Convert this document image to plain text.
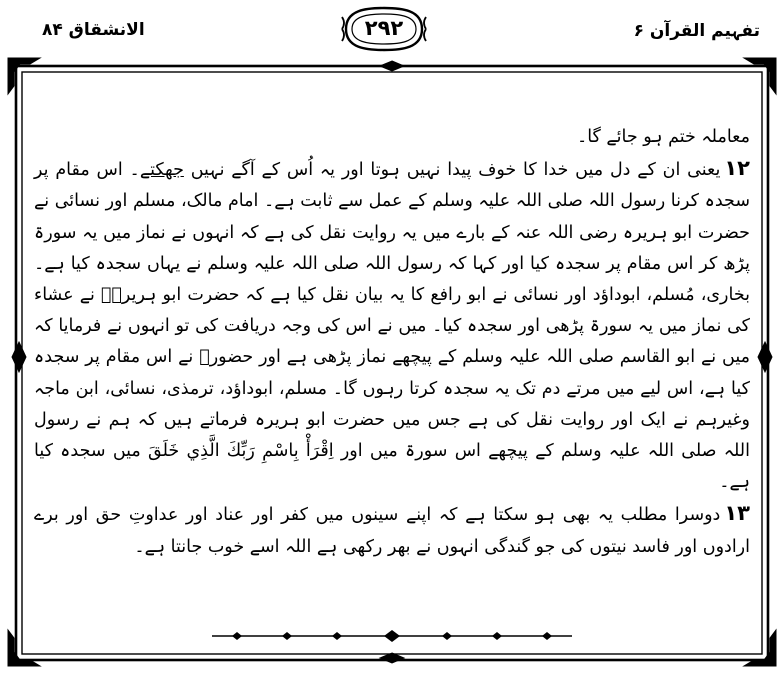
الانشقاق ۸۴	۲۹۲	تفہیم القرآن ۶

معاملہ ختم ہو جائے گا۔

۱۲یعنی ان کے دل میں خدا کا خوف پیدا نہیں ہوتا اور یہ اُس کے آگے نہیں جھکتے۔ اس مقام پر سجدہ کرنا رسول اللہ صلی اللہ علیہ وسلم کے عمل سے ثابت ہے۔ امام مالک، مسلم اور نسائی نے حضرت ابو ہریرہ رضی اللہ عنہ کے بارے میں یہ روایت نقل کی ہے کہ انہوں نے نماز میں یہ سورۃ پڑھ کر اس مقام پر سجدہ کیا اور کہا کہ رسول اللہ صلی اللہ علیہ وسلم نے یہاں سجدہ کیا ہے۔ بخاری، مُسلم، ابوداؤد اور نسائی نے ابو رافع کا یہ بیان نقل کیا ہے کہ حضرت ابو ہریرہؓ نے عشاء کی نماز میں یہ سورۃ پڑھی اور سجدہ کیا۔ میں نے اس کی وجہ دریافت کی تو انہوں نے فرمایا کہ میں نے ابو القاسم صلی اللہ علیہ وسلم کے پیچھے نماز پڑھی ہے اور حضورؐ نے اس مقام پر سجدہ کیا ہے، اس لیے میں مرتے دم تک یہ سجدہ کرتا رہوں گا۔ مسلم، ابوداؤد، ترمذی، نسائی، ابن ماجہ وغیرہم نے ایک اور روایت نقل کی ہے جس میں حضرت ابو ہریرہ فرماتے ہیں کہ ہم نے رسول اللہ صلی اللہ علیہ وسلم کے پیچھے اس سورۃ میں اور اِقْرَأْ بِاسْمِ رَبِّكَ الَّذِي خَلَقَ میں سجدہ کیا ہے۔

۱۳دوسرا مطلب یہ بھی ہو سکتا ہے کہ اپنے سینوں میں کفر اور عناد اور عداوتِ حق اور برے ارادوں اور فاسد نیتوں کی جو گندگی انہوں نے بھر رکھی ہے اللہ اسے خوب جانتا ہے۔
